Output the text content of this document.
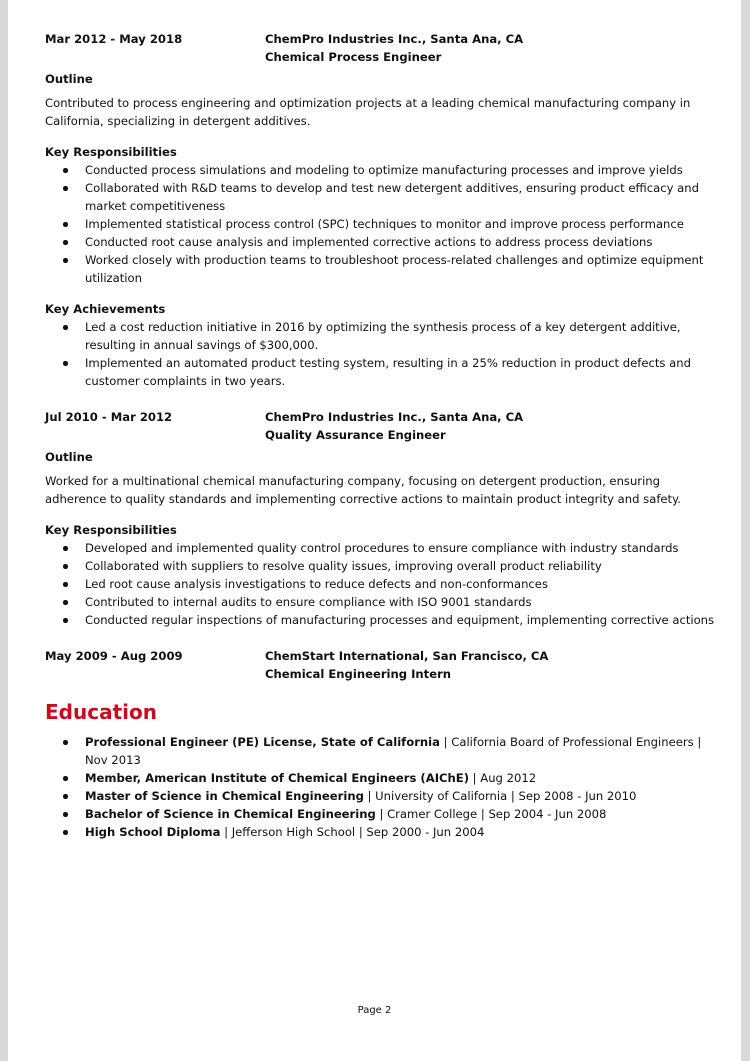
Mar 2012 - May 2018	ChemPro Industries Inc., Santa Ana, CA
Chemical Process Engineer
Outline
Contributed to process engineering and optimization projects at a leading chemical manufacturing company in California, specializing in detergent additives.
Key Responsibilities
Conducted process simulations and modeling to optimize manufacturing processes and improve yields
Collaborated with R&D teams to develop and test new detergent additives, ensuring product efficacy and market competitiveness
Implemented statistical process control (SPC) techniques to monitor and improve process performance
Conducted root cause analysis and implemented corrective actions to address process deviations
Worked closely with production teams to troubleshoot process-related challenges and optimize equipment utilization
Key Achievements
Led a cost reduction initiative in 2016 by optimizing the synthesis process of a key detergent additive, resulting in annual savings of $300,000.
Implemented an automated product testing system, resulting in a 25% reduction in product defects and customer complaints in two years.
Jul 2010 - Mar 2012	ChemPro Industries Inc., Santa Ana, CA
Quality Assurance Engineer
Outline
Worked for a multinational chemical manufacturing company, focusing on detergent production, ensuring adherence to quality standards and implementing corrective actions to maintain product integrity and safety.
Key Responsibilities
Developed and implemented quality control procedures to ensure compliance with industry standards
Collaborated with suppliers to resolve quality issues, improving overall product reliability
Led root cause analysis investigations to reduce defects and non-conformances
Contributed to internal audits to ensure compliance with ISO 9001 standards
Conducted regular inspections of manufacturing processes and equipment, implementing corrective actions
May 2009 - Aug 2009	ChemStart International, San Francisco, CA
Chemical Engineering Intern
Education
Professional Engineer (PE) License, State of California | California Board of Professional Engineers | Nov 2013
Member, American Institute of Chemical Engineers (AIChE) | Aug 2012
Master of Science in Chemical Engineering | University of California | Sep 2008 - Jun 2010
Bachelor of Science in Chemical Engineering | Cramer College | Sep 2004 - Jun 2008
High School Diploma | Jefferson High School | Sep 2000 - Jun 2004
Page 2
